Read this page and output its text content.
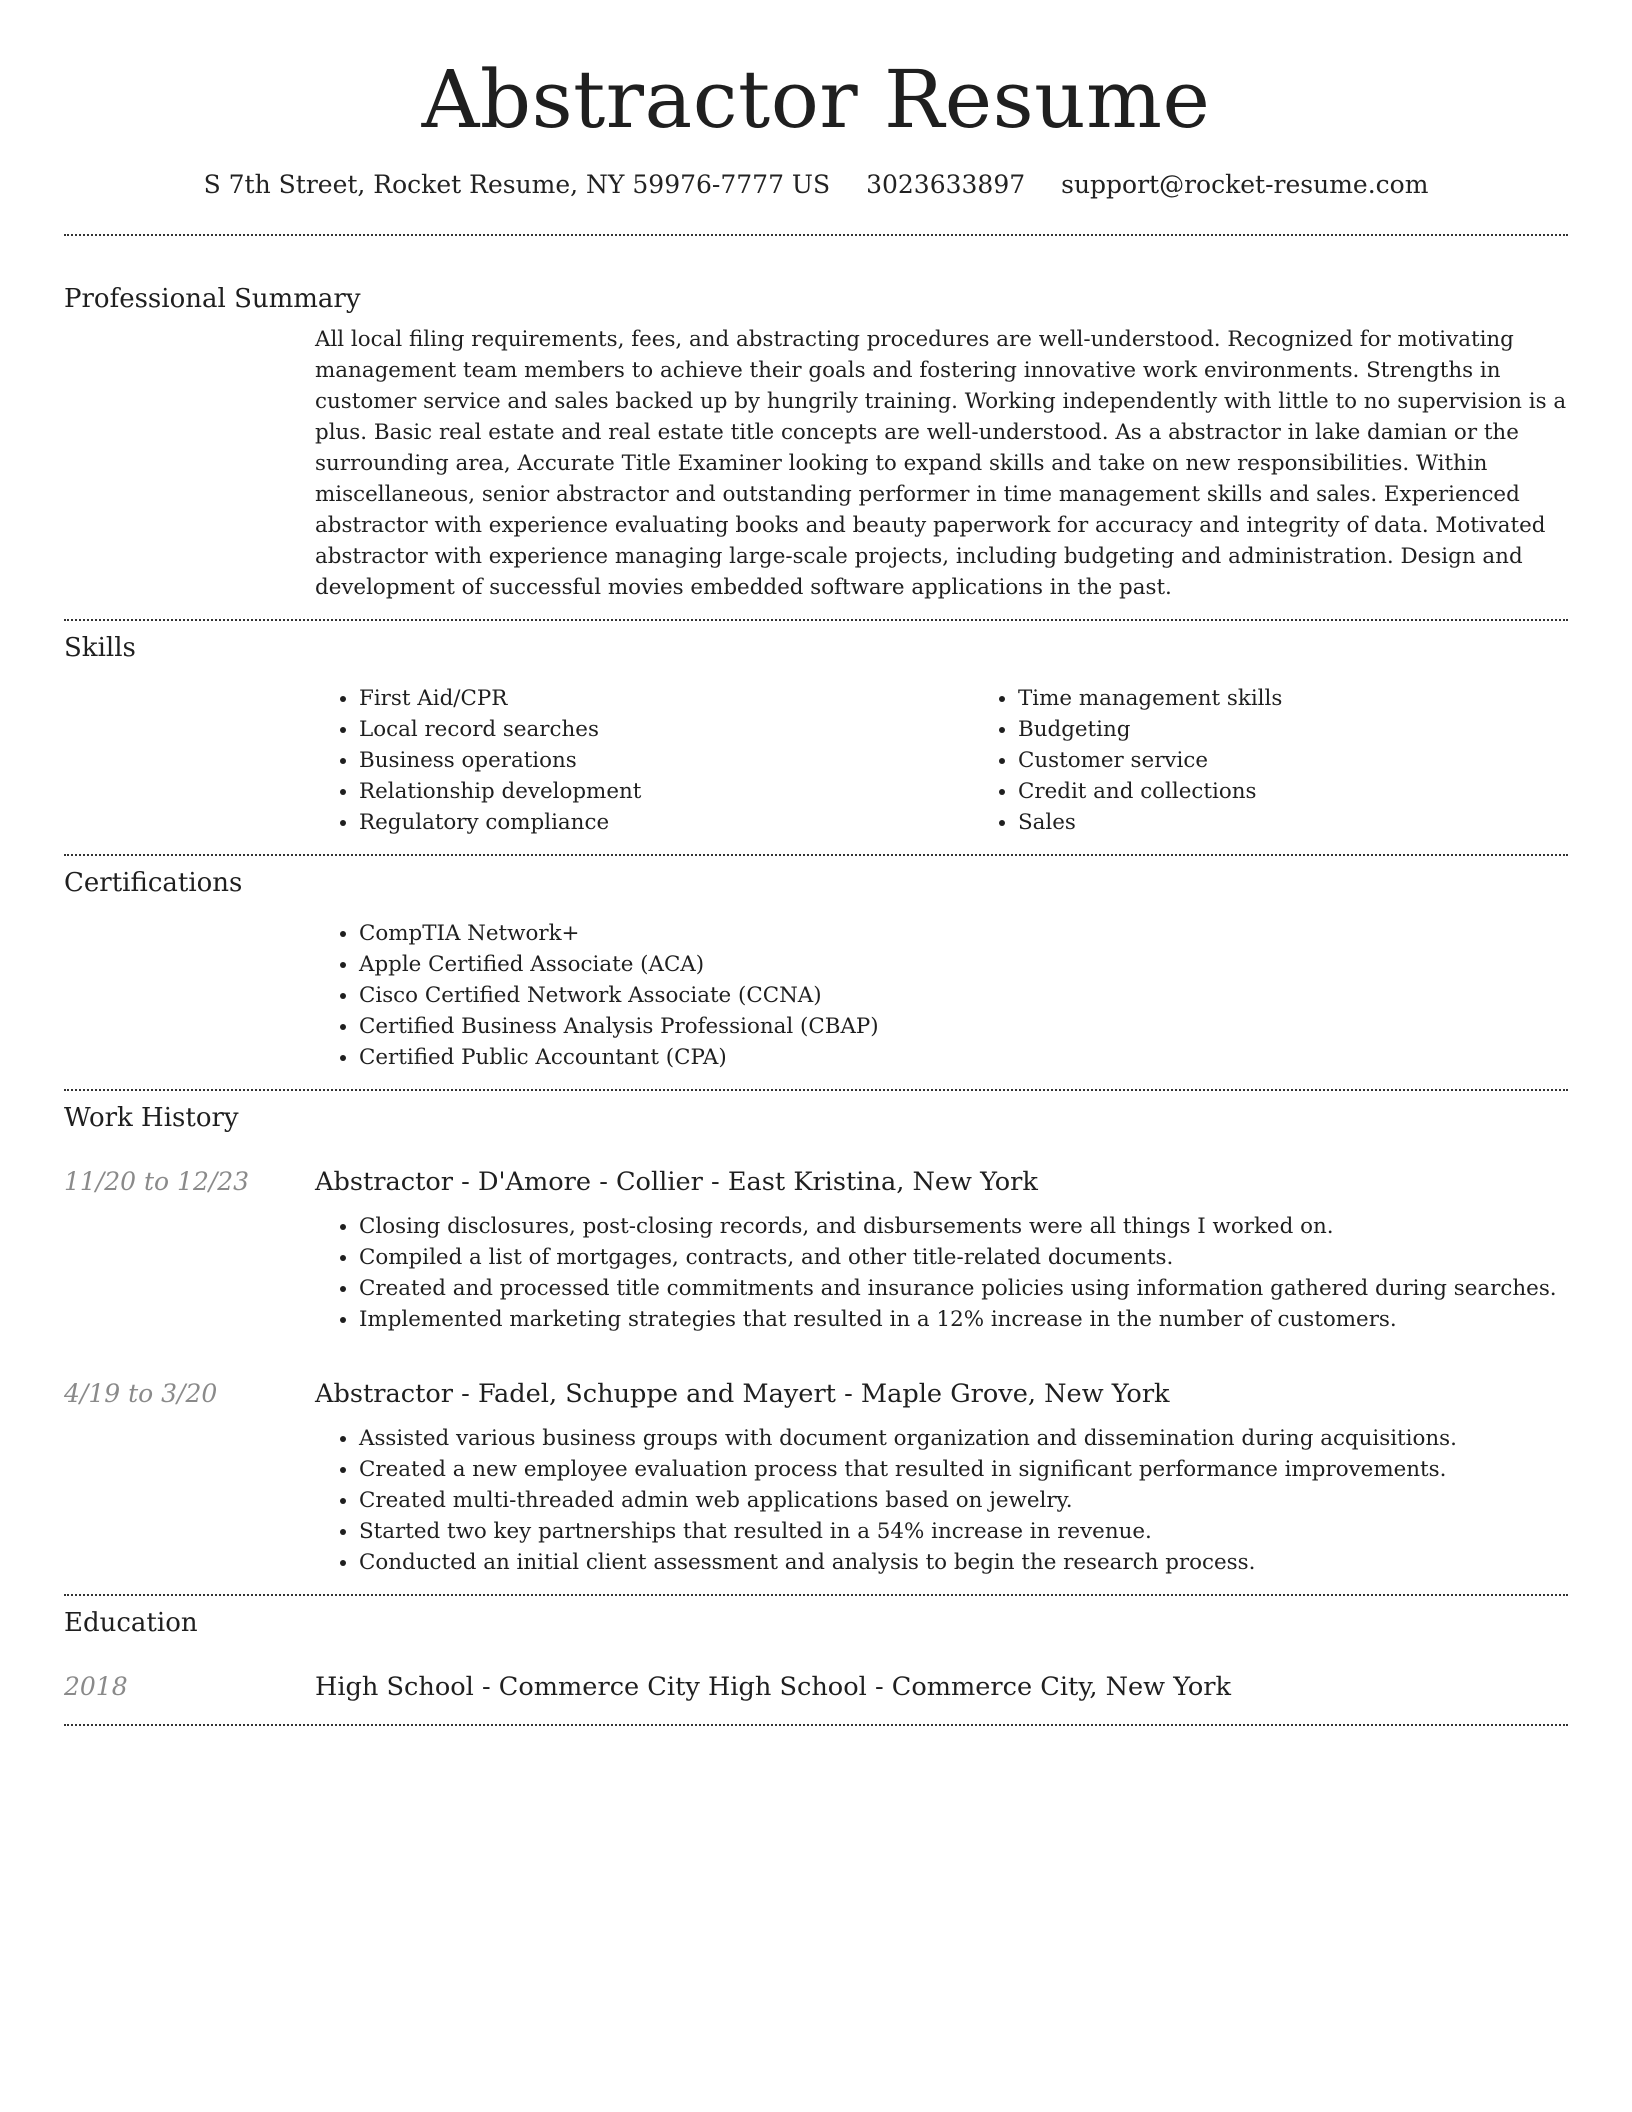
Abstractor Resume
S 7th Street, Rocket Resume, NY 59976-7777 US 3023633897 support@rocket-resume.com
Professional Summary
All local filing requirements, fees, and abstracting procedures are well-understood. Recognized for motivating management team members to achieve their goals and fostering innovative work environments. Strengths in customer service and sales backed up by hungrily training. Working independently with little to no supervision is a plus. Basic real estate and real estate title concepts are well-understood. As a abstractor in lake damian or the surrounding area, Accurate Title Examiner looking to expand skills and take on new responsibilities. Within miscellaneous, senior abstractor and outstanding performer in time management skills and sales. Experienced abstractor with experience evaluating books and beauty paperwork for accuracy and integrity of data. Motivated abstractor with experience managing large-scale projects, including budgeting and administration. Design and development of successful movies embedded software applications in the past.
Skills
• First Aid/CPR
• Local record searches
• Business operations
• Relationship development
• Regulatory compliance
• Time management skills
• Budgeting
• Customer service
• Credit and collections
• Sales
Certifications
• CompTIA Network+
• Apple Certified Associate (ACA)
• Cisco Certified Network Associate (CCNA)
• Certified Business Analysis Professional (CBAP)
• Certified Public Accountant (CPA)
Work History
11/20 to 12/23	Abstractor - D'Amore - Collier - East Kristina, New York
• Closing disclosures, post-closing records, and disbursements were all things I worked on.
• Compiled a list of mortgages, contracts, and other title-related documents.
• Created and processed title commitments and insurance policies using information gathered during searches.
• Implemented marketing strategies that resulted in a 12% increase in the number of customers.
4/19 to 3/20	Abstractor - Fadel, Schuppe and Mayert - Maple Grove, New York
• Assisted various business groups with document organization and dissemination during acquisitions.
• Created a new employee evaluation process that resulted in significant performance improvements.
• Created multi-threaded admin web applications based on jewelry.
• Started two key partnerships that resulted in a 54% increase in revenue.
• Conducted an initial client assessment and analysis to begin the research process.
Education
2018	High School - Commerce City High School - Commerce City, New York
